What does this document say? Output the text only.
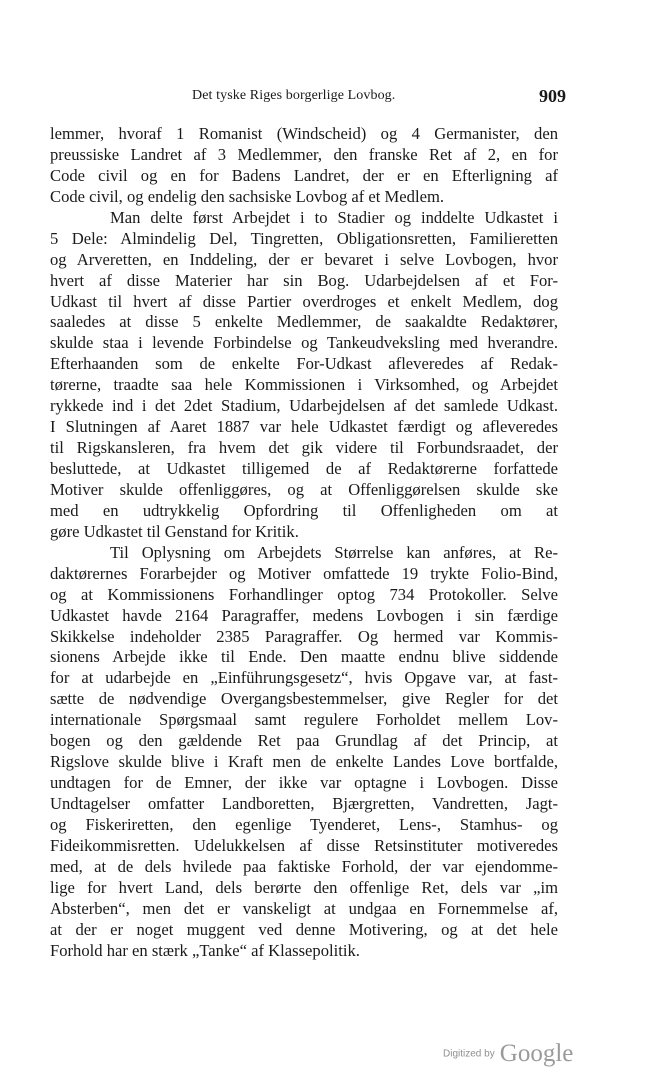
Det tyske Riges borgerlige Lovbog.	909
lemmer, hvoraf 1 Romanist (Windscheid) og 4 Germanister, den
preussiske Landret af 3 Medlemmer, den franske Ret af 2, en for
Code civil og en for Badens Landret, der er en Efterligning af
Code civil, og endelig den sachsiske Lovbog af et Medlem.
Man delte først Arbejdet i to Stadier og inddelte Udkastet i
5 Dele: Almindelig Del, Tingretten, Obligationsretten, Familieretten
og Arveretten, en Inddeling, der er bevaret i selve Lovbogen, hvor
hvert af disse Materier har sin Bog. Udarbejdelsen af et For-
Udkast til hvert af disse Partier overdroges et enkelt Medlem, dog
saaledes at disse 5 enkelte Medlemmer, de saakaldte Redaktører,
skulde staa i levende Forbindelse og Tankeudveksling med hverandre.
Efterhaanden som de enkelte For-Udkast afleveredes af Redak-
tørerne, traadte saa hele Kommissionen i Virksomhed, og Arbejdet
rykkede ind i det 2det Stadium, Udarbejdelsen af det samlede Udkast.
I Slutningen af Aaret 1887 var hele Udkastet færdigt og afleveredes
til Rigskansleren, fra hvem det gik videre til Forbundsraadet, der
besluttede, at Udkastet tilligemed de af Redaktørerne forfattede
Motiver skulde offenliggøres, og at Offenliggørelsen skulde ske
med en udtrykkelig Opfordring til Offenligheden om at
gøre Udkastet til Genstand for Kritik.
Til Oplysning om Arbejdets Størrelse kan anføres, at Re-
daktørernes Forarbejder og Motiver omfattede 19 trykte Folio-Bind,
og at Kommissionens Forhandlinger optog 734 Protokoller. Selve
Udkastet havde 2164 Paragraffer, medens Lovbogen i sin færdige
Skikkelse indeholder 2385 Paragraffer. Og hermed var Kommis-
sionens Arbejde ikke til Ende. Den maatte endnu blive siddende
for at udarbejde en „Einführungsgesetz“, hvis Opgave var, at fast-
sætte de nødvendige Overgangsbestemmelser, give Regler for det
internationale Spørgsmaal samt regulere Forholdet mellem Lov-
bogen og den gældende Ret paa Grundlag af det Princip, at
Rigslove skulde blive i Kraft men de enkelte Landes Love bortfalde,
undtagen for de Emner, der ikke var optagne i Lovbogen. Disse
Undtagelser omfatter Landboretten, Bjærgretten, Vandretten, Jagt-
og Fiskeriretten, den egenlige Tyenderet, Lens-, Stamhus- og
Fideikommisretten. Udelukkelsen af disse Retsinstituter motiveredes
med, at de dels hvilede paa faktiske Forhold, der var ejendomme-
lige for hvert Land, dels berørte den offenlige Ret, dels var „im
Absterben“, men det er vanskeligt at undgaa en Fornemmelse af,
at der er noget muggent ved denne Motivering, og at det hele
Forhold har en stærk „Tanke“ af Klassepolitik.
Digitized by Google
